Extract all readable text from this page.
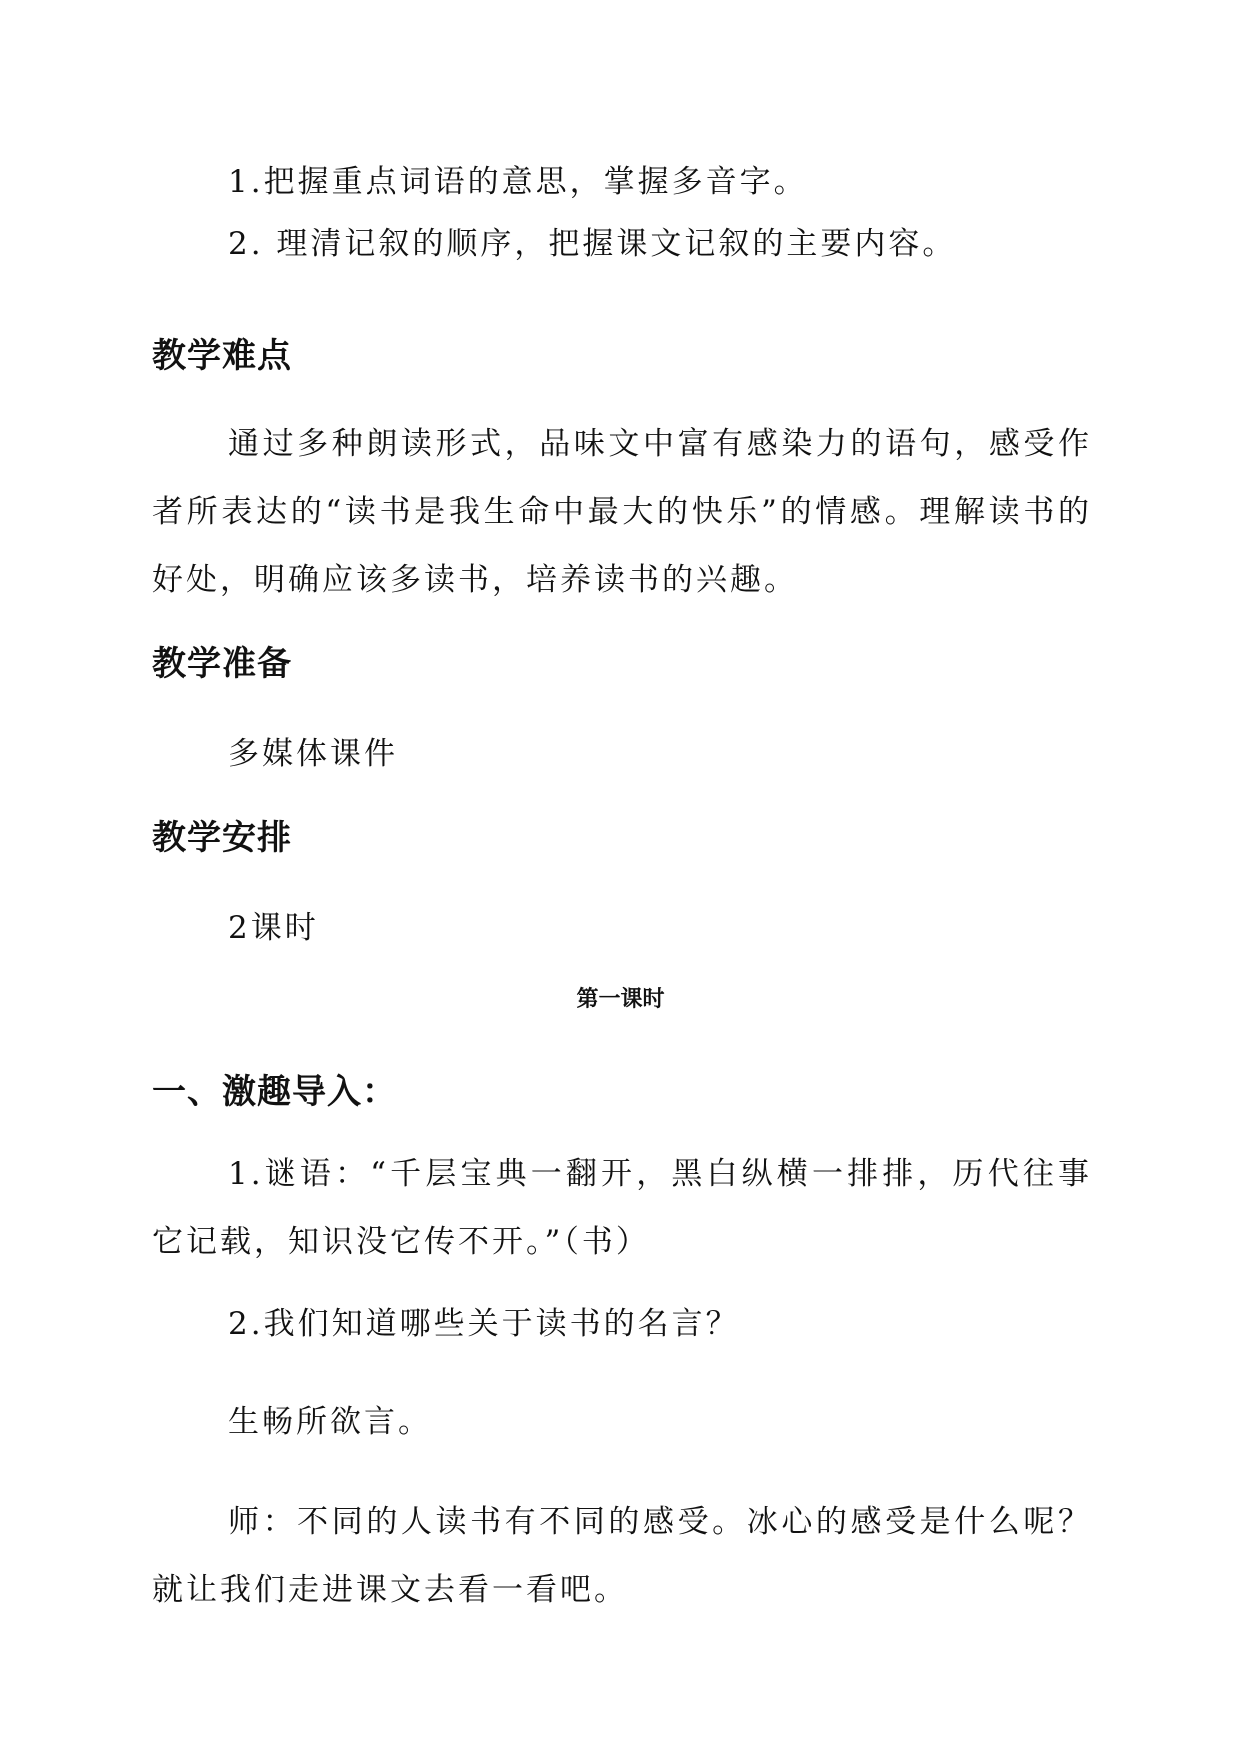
1.把握重点词语的意思，掌握多音字。

2. 理清记叙的顺序，把握课文记叙的主要内容。

教学难点

通过多种朗读形式，品味文中富有感染力的语句，感受作者所表达的“读书是我生命中最大的快乐”的情感。理解读书的好处，明确应该多读书，培养读书的兴趣。

教学准备

多媒体课件

教学安排

2课时

第一课时
一、激趣导入：

1.谜语：“千层宝典一翻开，黑白纵横一排排，历代往事它记载，知识没它传不开。”（书）

2.我们知道哪些关于读书的名言？

生畅所欲言。

师：不同的人读书有不同的感受。冰心的感受是什么呢？就让我们走进课文去看一看吧。
